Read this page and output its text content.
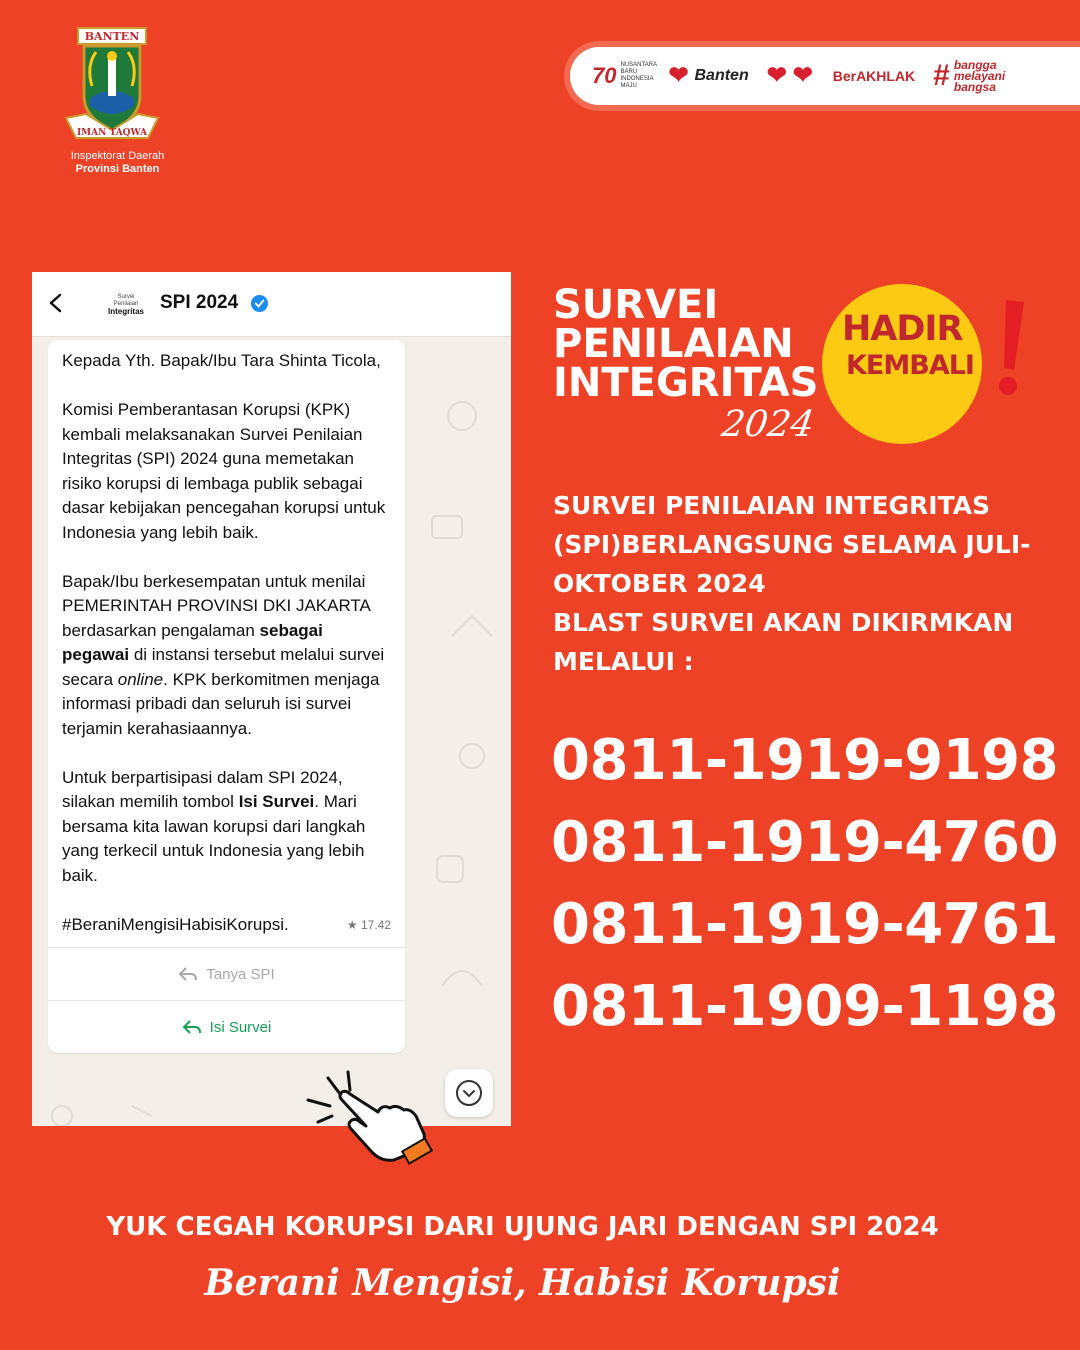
BANTEN
IMAN TAQWA
Inspektorat Daerah
Provinsi Banten
70 NUSANTARA BARU INDONESIA MAJU	❤ Banten ❤ ❤ BerAKHLAK # bangga
melayani
bangsa
Survei
Penilaian
Integritas SPI 2024

Kepada Yth. Bapak/Ibu Tara Shinta Ticola,

Komisi Pemberantasan Korupsi (KPK) kembali melaksanakan Survei Penilaian Integritas (SPI) 2024 guna memetakan risiko korupsi di lembaga publik sebagai dasar kebijakan pencegahan korupsi untuk Indonesia yang lebih baik.

Bapak/Ibu berkesempatan untuk menilai PEMERINTAH PROVINSI DKI JAKARTA berdasarkan pengalaman sebagai pegawai di instansi tersebut melalui survei secara online. KPK berkomitmen menjaga informasi pribadi dan seluruh isi survei terjamin kerahasiaannya.

Untuk berpartisipasi dalam SPI 2024, silakan memilih tombol Isi Survei. Mari bersama kita lawan korupsi dari langkah yang terkecil untuk Indonesia yang lebih baik.

#BeraniMengisiHabisiKorupsi.	★ 17.42

Tanya SPI
Isi Survei
SURVEI
PENILAIAN
INTEGRITAS
2024
HADIR
KEMBALI
SURVEI PENILAIAN INTEGRITAS
(SPI)BERLANGSUNG SELAMA JULI-
OKTOBER 2024
BLAST SURVEI AKAN DIKIRMKAN
MELALUI :
0811-1919-9198
0811-1919-4760
0811-1919-4761
0811-1909-1198
YUK CEGAH KORUPSI DARI UJUNG JARI DENGAN SPI 2024
Berani Mengisi, Habisi Korupsi
